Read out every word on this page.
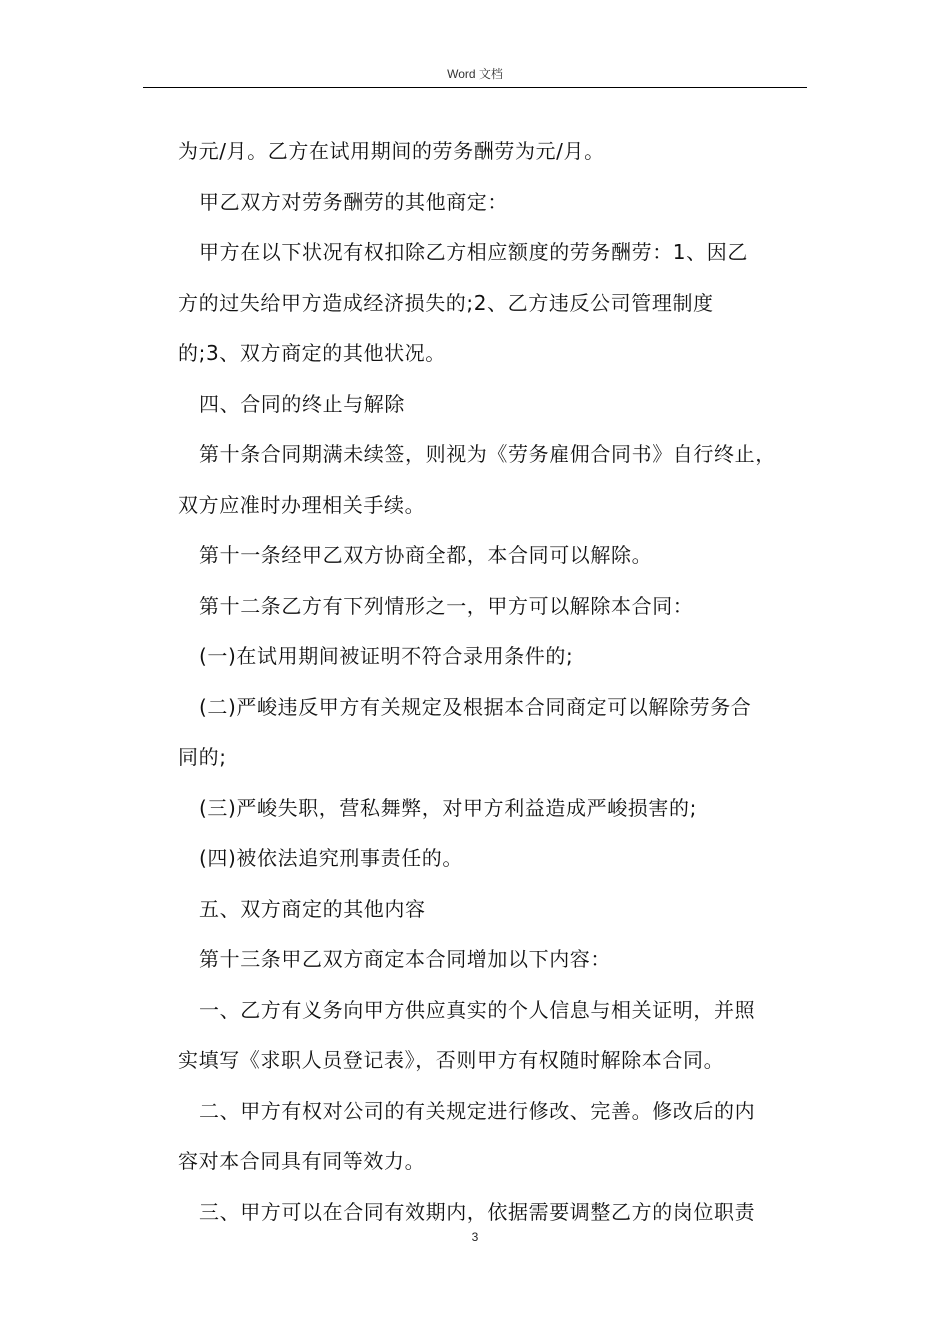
Word 文档
为元/月。乙方在试用期间的劳务酬劳为元/月。
甲乙双方对劳务酬劳的其他商定：
甲方在以下状况有权扣除乙方相应额度的劳务酬劳：1、因乙
方的过失给甲方造成经济损失的;2、乙方违反公司管理制度
的;3、双方商定的其他状况。
四、合同的终止与解除
第十条合同期满未续签，则视为《劳务雇佣合同书》自行终止，
双方应准时办理相关手续。
第十一条经甲乙双方协商全都，本合同可以解除。
第十二条乙方有下列情形之一，甲方可以解除本合同：
(一)在试用期间被证明不符合录用条件的;
(二)严峻违反甲方有关规定及根据本合同商定可以解除劳务合
同的;
(三)严峻失职，营私舞弊，对甲方利益造成严峻损害的;
(四)被依法追究刑事责任的。
五、双方商定的其他内容
第十三条甲乙双方商定本合同增加以下内容：
一、乙方有义务向甲方供应真实的个人信息与相关证明，并照
实填写《求职人员登记表》，否则甲方有权随时解除本合同。
二、甲方有权对公司的有关规定进行修改、完善。修改后的内
容对本合同具有同等效力。
三、甲方可以在合同有效期内，依据需要调整乙方的岗位职责
3
